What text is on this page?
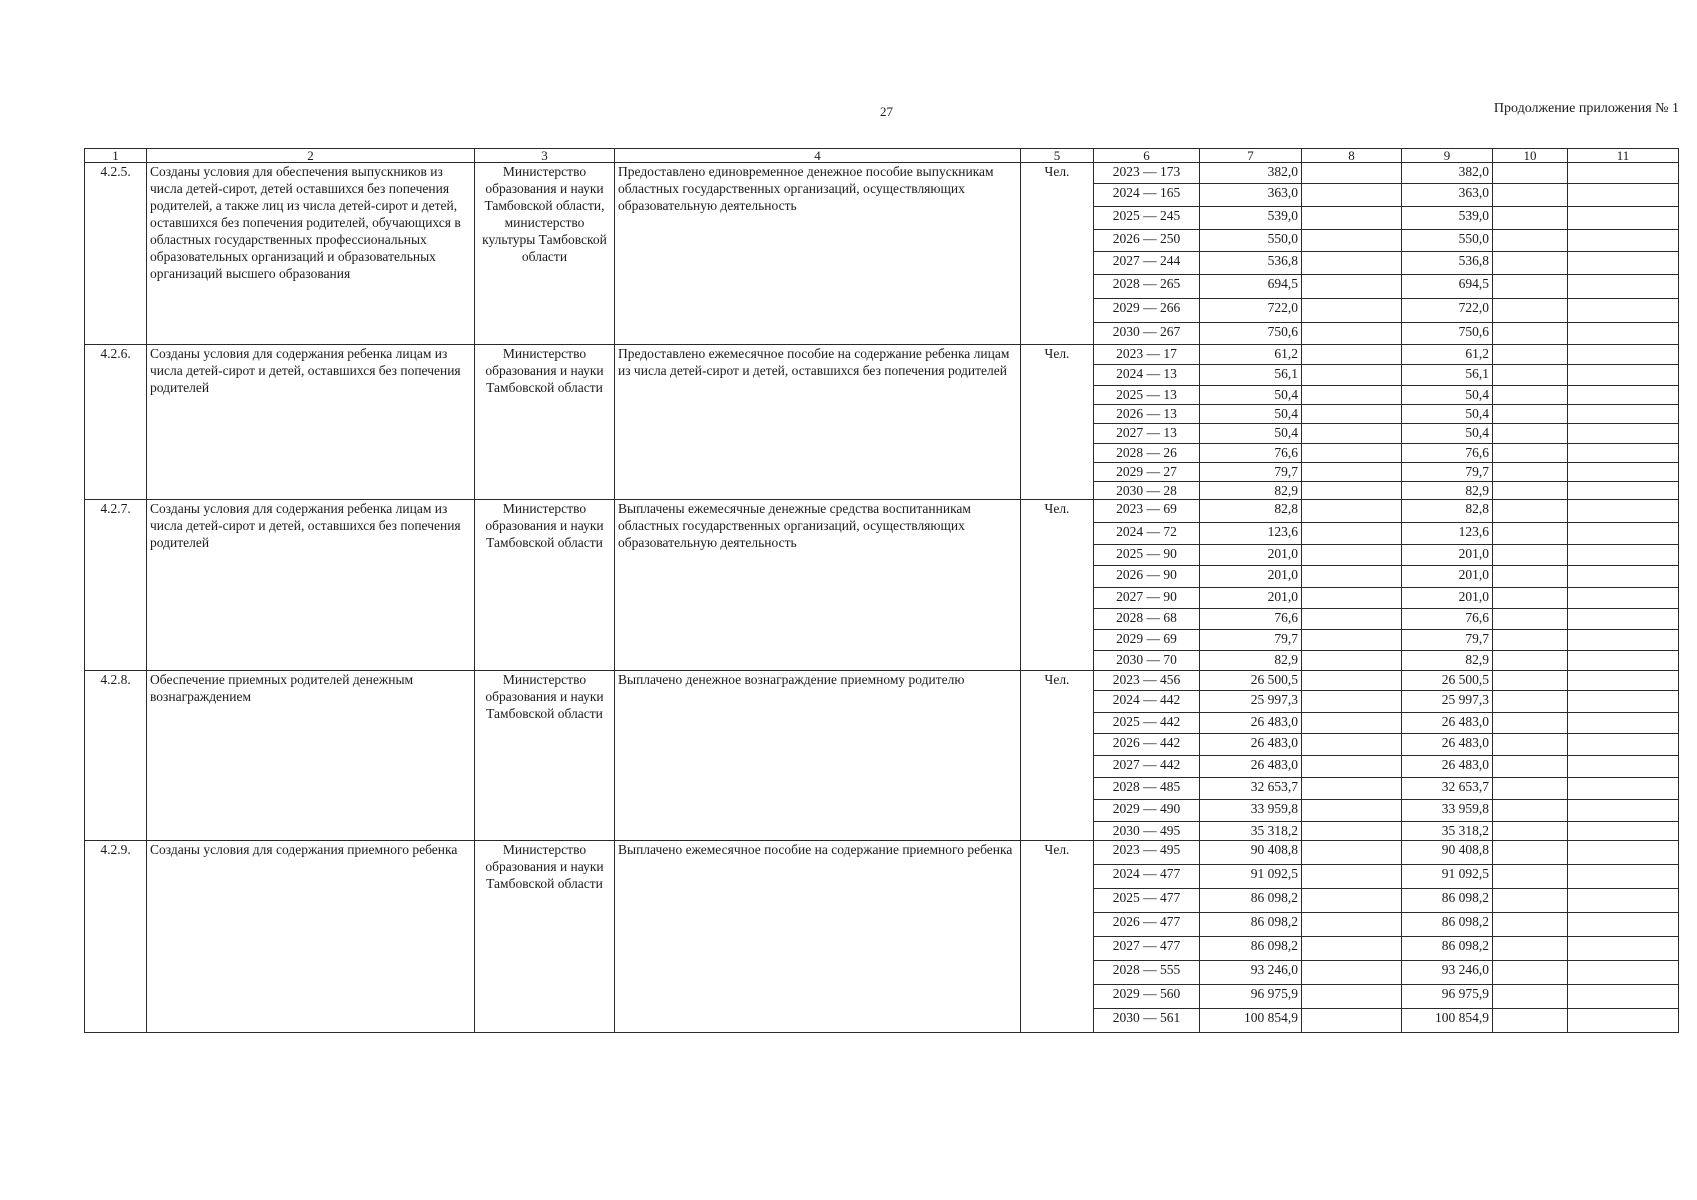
27	Продолжение приложения № 1
1	2	3	4	5	6	7	8	9	10	11
4.2.5.	Созданы условия для обеспечения выпускников из числа детей-сирот, детей оставшихся без попечения родителей, а также лиц из числа детей-сирот и детей, оставшихся без попечения родителей, обучающихся в областных государственных профессиональных образовательных организаций и образовательных организаций высшего образования	Министерство образования и науки Тамбовской области, министерство культуры Тамбовской области	Предоставлено единовременное денежное пособие выпускникам областных государственных организаций, осуществляющих образовательную деятельность	Чел.	2023 — 173	382,0		382,0		
					2024 — 165	363,0		363,0		
					2025 — 245	539,0		539,0		
					2026 — 250	550,0		550,0		
					2027 — 244	536,8		536,8		
					2028 — 265	694,5		694,5		
					2029 — 266	722,0		722,0		
					2030 — 267	750,6		750,6		
4.2.6.	Созданы условия для содержания ребенка лицам из числа детей-сирот и детей, оставшихся без попечения родителей	Министерство образования и науки Тамбовской области	Предоставлено ежемесячное пособие на содержание ребенка лицам из числа детей-сирот и детей, оставшихся без попечения родителей	Чел.	2023 — 17	61,2		61,2		
					2024 — 13	56,1		56,1		
					2025 — 13	50,4		50,4		
					2026 — 13	50,4		50,4		
					2027 — 13	50,4		50,4		
					2028 — 26	76,6		76,6		
					2029 — 27	79,7		79,7		
					2030 — 28	82,9		82,9		
4.2.7.	Созданы условия для содержания ребенка лицам из числа детей-сирот и детей, оставшихся без попечения родителей	Министерство образования и науки Тамбовской области	Выплачены ежемесячные денежные средства воспитанникам областных государственных организаций, осуществляющих образовательную деятельность	Чел.	2023 — 69	82,8		82,8		
					2024 — 72	123,6		123,6		
					2025 — 90	201,0		201,0		
					2026 — 90	201,0		201,0		
					2027 — 90	201,0		201,0		
					2028 — 68	76,6		76,6		
					2029 — 69	79,7		79,7		
					2030 — 70	82,9		82,9		
4.2.8.	Обеспечение приемных родителей денежным вознаграждением	Министерство образования и науки Тамбовской области	Выплачено денежное вознаграждение приемному родителю	Чел.	2023 — 456	26 500,5		26 500,5		
					2024 — 442	25 997,3		25 997,3		
					2025 — 442	26 483,0		26 483,0		
					2026 — 442	26 483,0		26 483,0		
					2027 — 442	26 483,0		26 483,0		
					2028 — 485	32 653,7		32 653,7		
					2029 — 490	33 959,8		33 959,8		
					2030 — 495	35 318,2		35 318,2		
4.2.9.	Созданы условия для содержания приемного ребенка	Министерство образования и науки Тамбовской области	Выплачено ежемесячное пособие на содержание приемного ребенка	Чел.	2023 — 495	90 408,8		90 408,8		
					2024 — 477	91 092,5		91 092,5		
					2025 — 477	86 098,2		86 098,2		
					2026 — 477	86 098,2		86 098,2		
					2027 — 477	86 098,2		86 098,2		
					2028 — 555	93 246,0		93 246,0		
					2029 — 560	96 975,9		96 975,9		
					2030 — 561	100 854,9		100 854,9		
